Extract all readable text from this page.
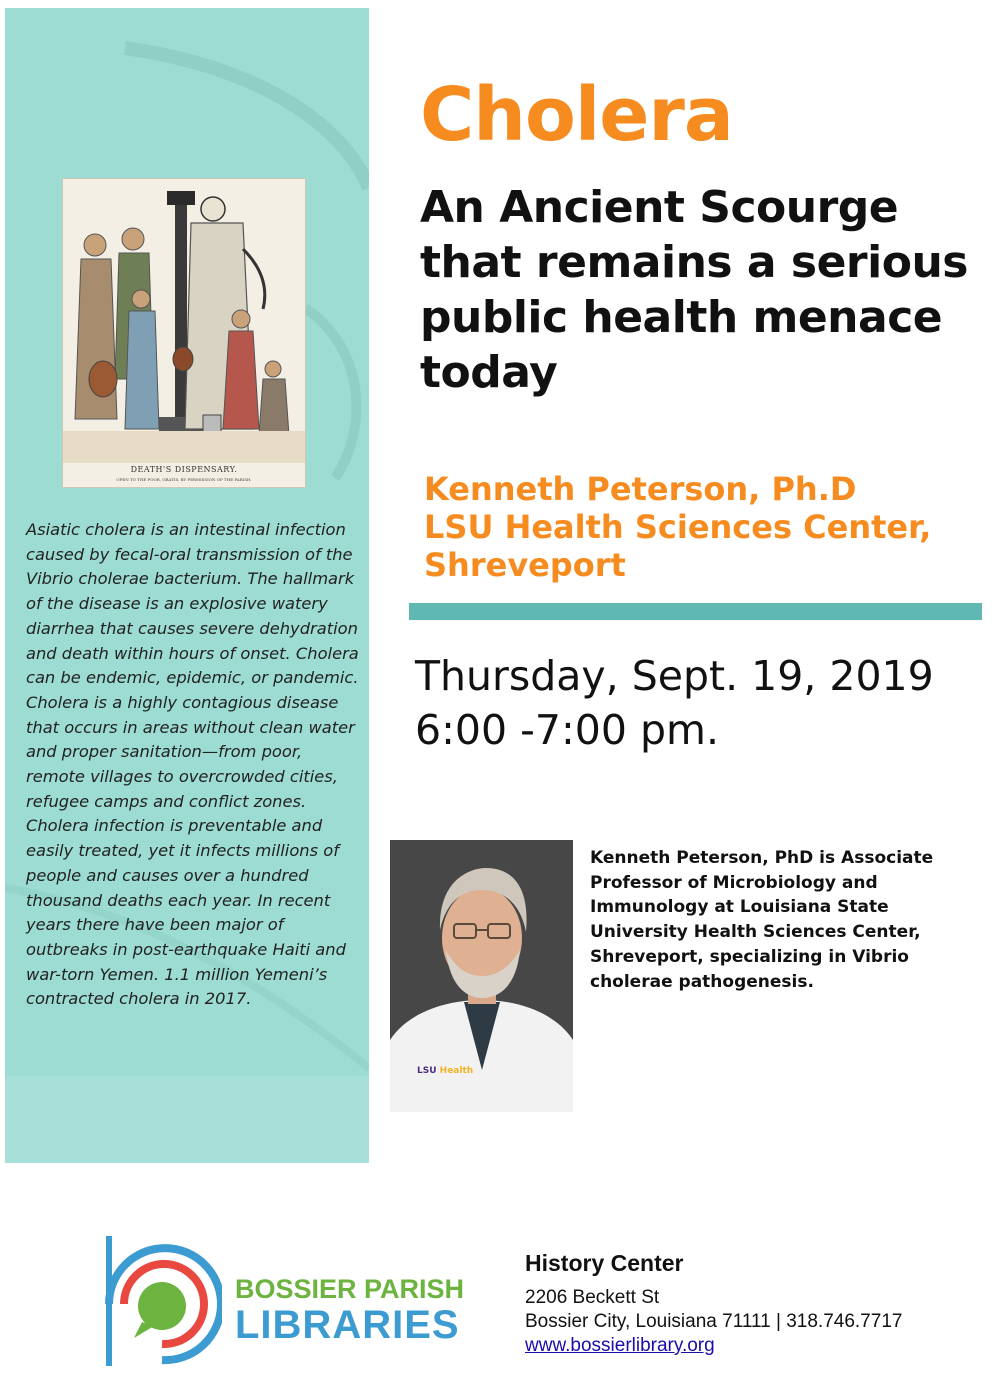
DEATH'S DISPENSARY.
OPEN TO THE POOR, GRATIS, BY PERMISSION OF THE PARISH.

Asiatic cholera is an intestinal infection caused by fecal-oral transmission of the Vibrio cholerae bacterium. The hallmark of the disease is an explosive watery diarrhea that causes severe dehydration and death within hours of onset. Cholera can be endemic, epidemic, or pandemic. Cholera is a highly contagious disease that occurs in areas without clean water and proper sanitation—from poor, remote villages to overcrowded cities, refugee camps and conflict zones. Cholera infection is preventable and easily treated, yet it infects millions of people and causes over a hundred thousand deaths each year. In recent years there have been major of outbreaks in post-earthquake Haiti and war-torn Yemen. 1.1 million Yemeni’s contracted cholera in 2017.

Cholera
An Ancient Scourge that remains a serious public health menace today

Kenneth Peterson, Ph.D

LSU Health Sciences Center, Shreveport

Thursday, Sept. 19, 2019

6:00 -7:00 pm.

LSU Health

Kenneth Peterson, PhD is Associate Professor of Microbiology and Immunology at Louisiana State University Health Sciences Center, Shreveport, specializing in Vibrio cholerae pathogenesis.

BOSSIER PARISH

LIBRARIES

History Center

2206 Beckett St

Bossier City, Louisiana 71111 | 318.746.7717

www.bossierlibrary.org
